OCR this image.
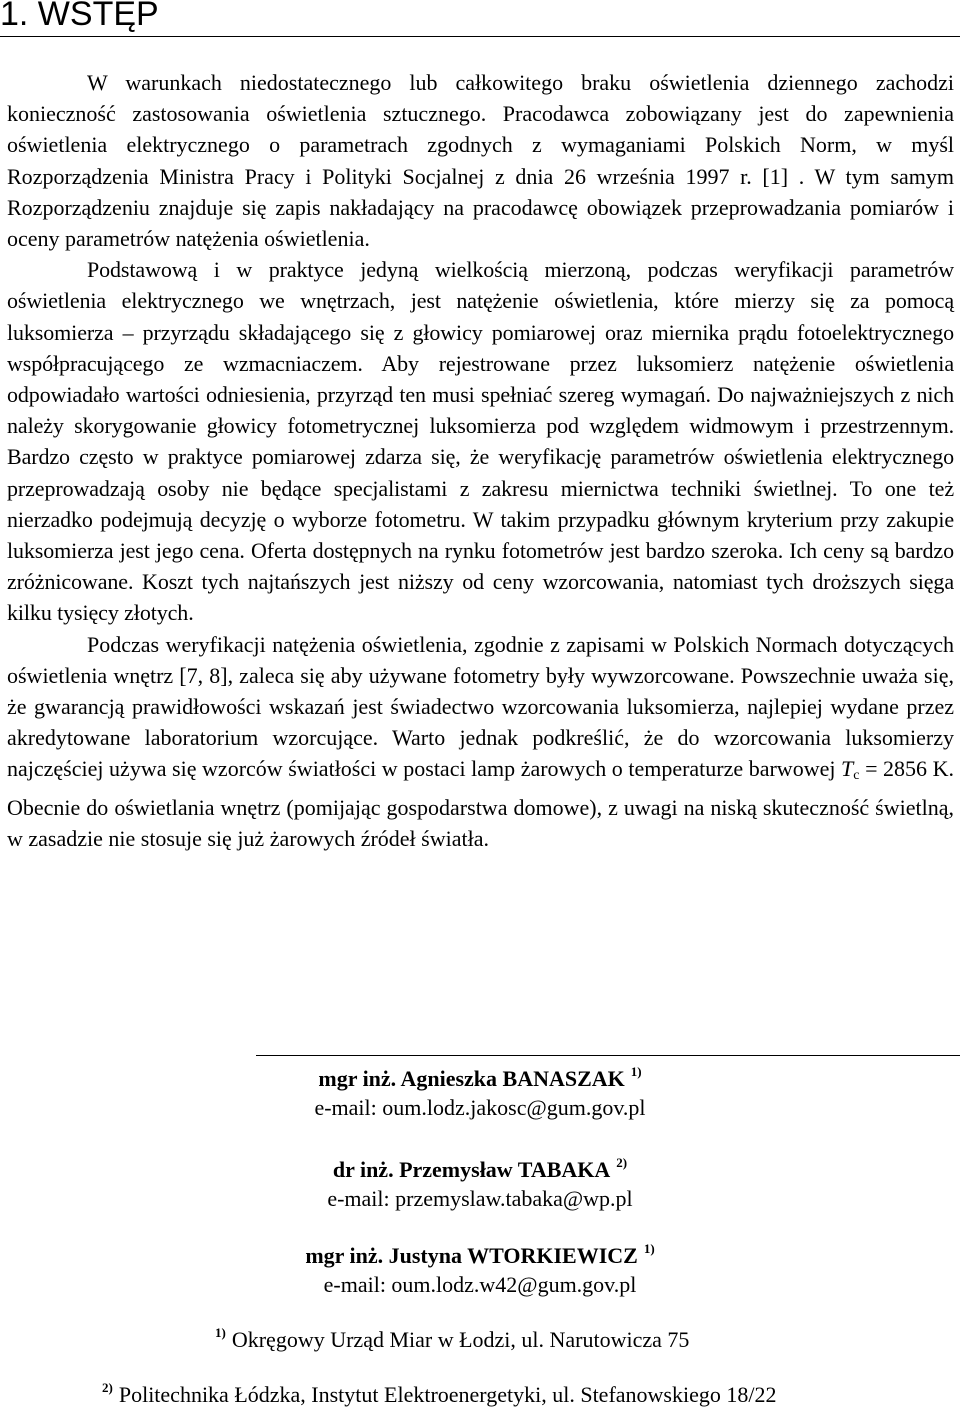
1. WSTĘP

W warunkach niedostatecznego lub całkowitego braku oświetlenia dziennego zachodzi konieczność zastosowania oświetlenia sztucznego. Pracodawca zobowiązany jest do zapewnienia oświetlenia elektrycznego o parametrach zgodnych z wymaganiami Polskich Norm, w myśl Rozporządzenia Ministra Pracy i Polityki Socjalnej z dnia 26 września 1997 r. [1] . W tym samym Rozporządzeniu znajduje się zapis nakładający na pracodawcę obowiązek przeprowadzania pomiarów i oceny parametrów natężenia oświetlenia.

Podstawową i w praktyce jedyną wielkością mierzoną, podczas weryfikacji parametrów oświetlenia elektrycznego we wnętrzach, jest natężenie oświetlenia, które mierzy się za pomocą luksomierza – przyrządu składającego się z głowicy pomiarowej oraz miernika prądu fotoelektrycznego współpracującego ze wzmacniaczem. Aby rejestrowane przez luksomierz natężenie oświetlenia odpowiadało wartości odniesienia, przyrząd ten musi spełniać szereg wymagań. Do najważniejszych z nich należy skorygowanie głowicy fotometrycznej luksomierza pod względem widmowym i przestrzennym. Bardzo często w praktyce pomiarowej zdarza się, że weryfikację parametrów oświetlenia elektrycznego przeprowadzają osoby nie będące specjalistami z zakresu miernictwa techniki świetlnej. To one też nierzadko podejmują decyzję o wyborze fotometru. W takim przypadku głównym kryterium przy zakupie luksomierza jest jego cena. Oferta dostępnych na rynku fotometrów jest bardzo szeroka. Ich ceny są bardzo zróżnicowane. Koszt tych najtańszych jest niższy od ceny wzorcowania, natomiast tych droższych sięga kilku tysięcy złotych.

Podczas weryfikacji natężenia oświetlenia, zgodnie z zapisami w Polskich Normach dotyczących oświetlenia wnętrz [7, 8], zaleca się aby używane fotometry były wywzorcowane. Powszechnie uważa się, że gwarancją prawidłowości wskazań jest świadectwo wzorcowania luksomierza, najlepiej wydane przez akredytowane laboratorium wzorcujące. Warto jednak podkreślić, że do wzorcowania luksomierzy najczęściej używa się wzorców światłości w postaci lamp żarowych o temperaturze barwowej $T_c = 2856$ K. Obecnie do oświetlania wnętrz (pomijając gospodarstwa domowe), z uwagi na niską skuteczność świetlną, w zasadzie nie stosuje się już żarowych źródeł światła.

mgr inż. Agnieszka BANASZAK $^{1)}$

e-mail: oum.lodz.jakosc@gum.gov.pl

dr inż. Przemysław TABAKA $^{2)}$

e-mail: przemyslaw.tabaka@wp.pl

mgr inż. Justyna WTORKIEWICZ $^{1)}$

e-mail: oum.lodz.w42@gum.gov.pl

$^{1)}$ Okręgowy Urząd Miar w Łodzi, ul. Narutowicza 75
$^{2)}$ Politechnika Łódzka, Instytut Elektroenergetyki, ul. Stefanowskiego 18/22
